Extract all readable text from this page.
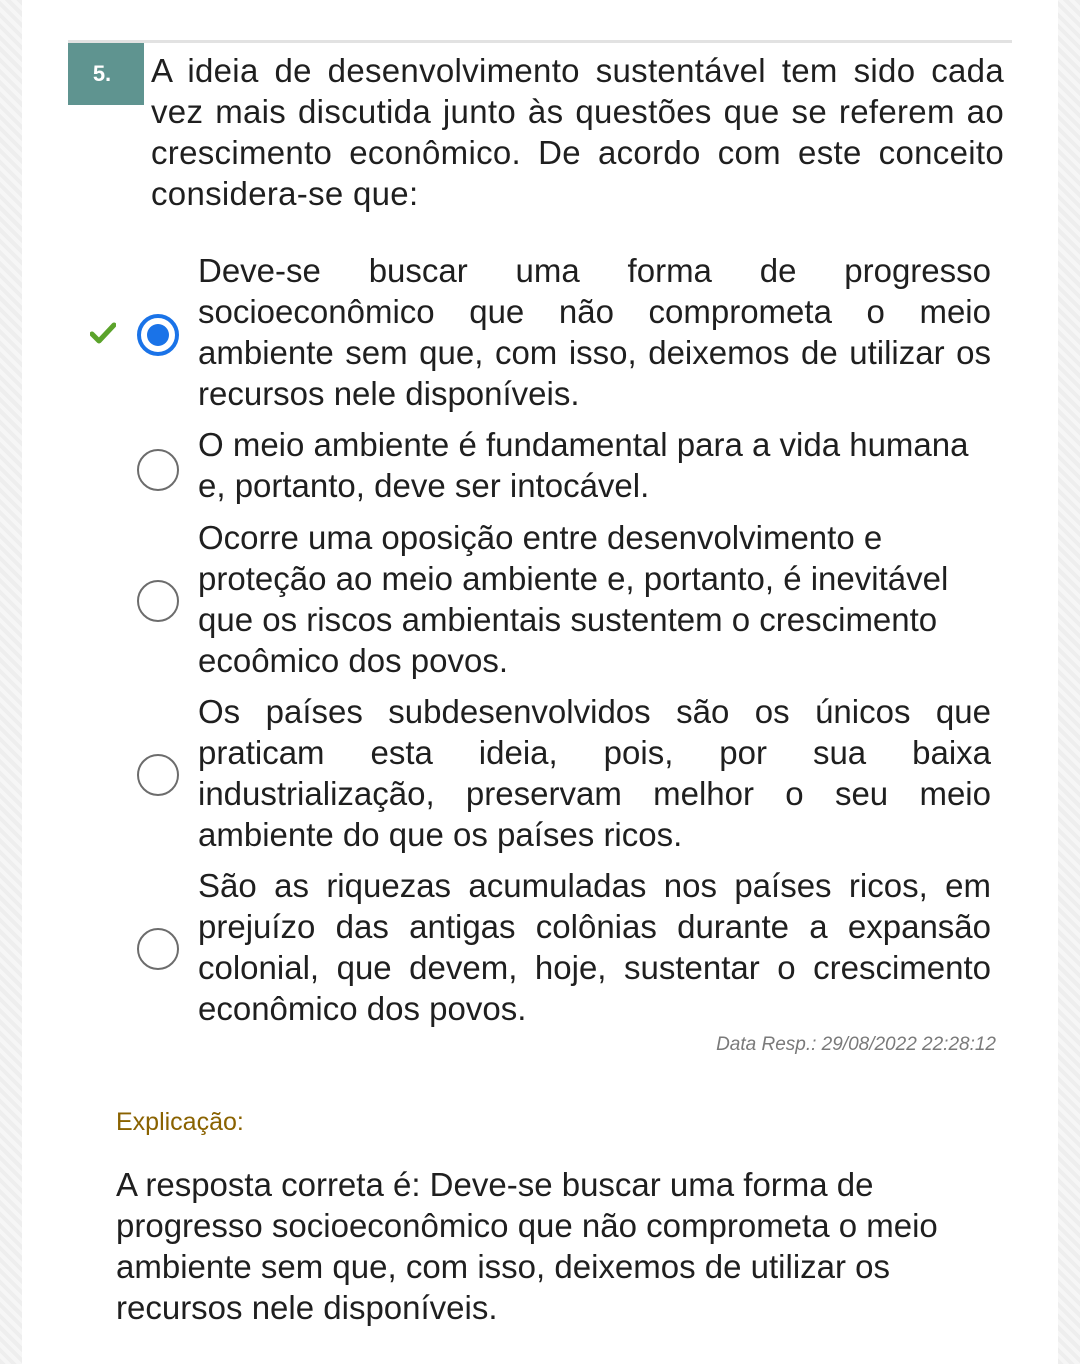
5.	A ideia de desenvolvimento sustentável tem sido cada vez mais discutida junto às questões que se referem ao crescimento econômico. De acordo com este conceito considera-se que:
Deve-se buscar uma forma de progresso socioeconômico que não comprometa o meio ambiente sem que, com isso, deixemos de utilizar os recursos nele disponíveis.
O meio ambiente é fundamental para a vida humana e, portanto, deve ser intocável.
Ocorre uma oposição entre desenvolvimento e proteção ao meio ambiente e, portanto, é inevitável que os riscos ambientais sustentem o crescimento ecoômico dos povos.
Os países subdesenvolvidos são os únicos que praticam esta ideia, pois, por sua baixa industrialização, preservam melhor o seu meio ambiente do que os países ricos.
São as riquezas acumuladas nos países ricos, em prejuízo das antigas colônias durante a expansão colonial, que devem, hoje, sustentar o crescimento econômico dos povos.
Data Resp.: 29/08/2022 22:28:12
Explicação:
A resposta correta é: Deve-se buscar uma forma de progresso socioeconômico que não comprometa o meio ambiente sem que, com isso, deixemos de utilizar os recursos nele disponíveis.
